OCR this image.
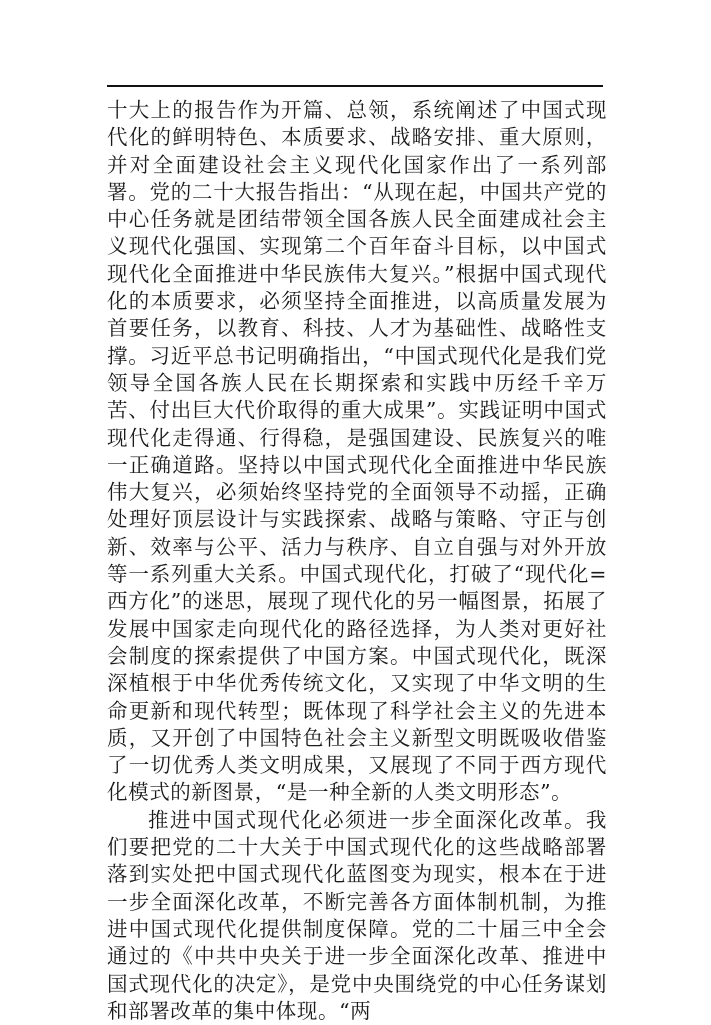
十大上的报告作为开篇、总领，系统阐述了中国式现代化的鲜明特色、本质要求、战略安排、重大原则，并对全面建设社会主义现代化国家作出了一系列部署。党的二十大报告指出：“从现在起，中国共产党的中心任务就是团结带领全国各族人民全面建成社会主义现代化强国、实现第二个百年奋斗目标，以中国式现代化全面推进中华民族伟大复兴。”根据中国式现代化的本质要求，必须坚持全面推进，以高质量发展为首要任务，以教育、科技、人才为基础性、战略性支撑。习近平总书记明确指出，“中国式现代化是我们党领导全国各族人民在长期探索和实践中历经千辛万苦、付出巨大代价取得的重大成果”。实践证明中国式现代化走得通、行得稳，是强国建设、民族复兴的唯一正确道路。坚持以中国式现代化全面推进中华民族伟大复兴，必须始终坚持党的全面领导不动摇，正确处理好顶层设计与实践探索、战略与策略、守正与创新、效率与公平、活力与秩序、自立自强与对外开放等一系列重大关系。中国式现代化，打破了“现代化=西方化”的迷思，展现了现代化的另一幅图景，拓展了发展中国家走向现代化的路径选择，为人类对更好社会制度的探索提供了中国方案。中国式现代化，既深深植根于中华优秀传统文化，又实现了中华文明的生命更新和现代转型；既体现了科学社会主义的先进本质，又开创了中国特色社会主义新型文明既吸收借鉴了一切优秀人类文明成果，又展现了不同于西方现代化模式的新图景，“是一种全新的人类文明形态”。

推进中国式现代化必须进一步全面深化改革。我们要把党的二十大关于中国式现代化的这些战略部署落到实处把中国式现代化蓝图变为现实，根本在于进一步全面深化改革，不断完善各方面体制机制，为推进中国式现代化提供制度保障。党的二十届三中全会通过的《中共中央关于进一步全面深化改革、推进中国式现代化的决定》，是党中央围绕党的中心任务谋划和部署改革的集中体现。“两
